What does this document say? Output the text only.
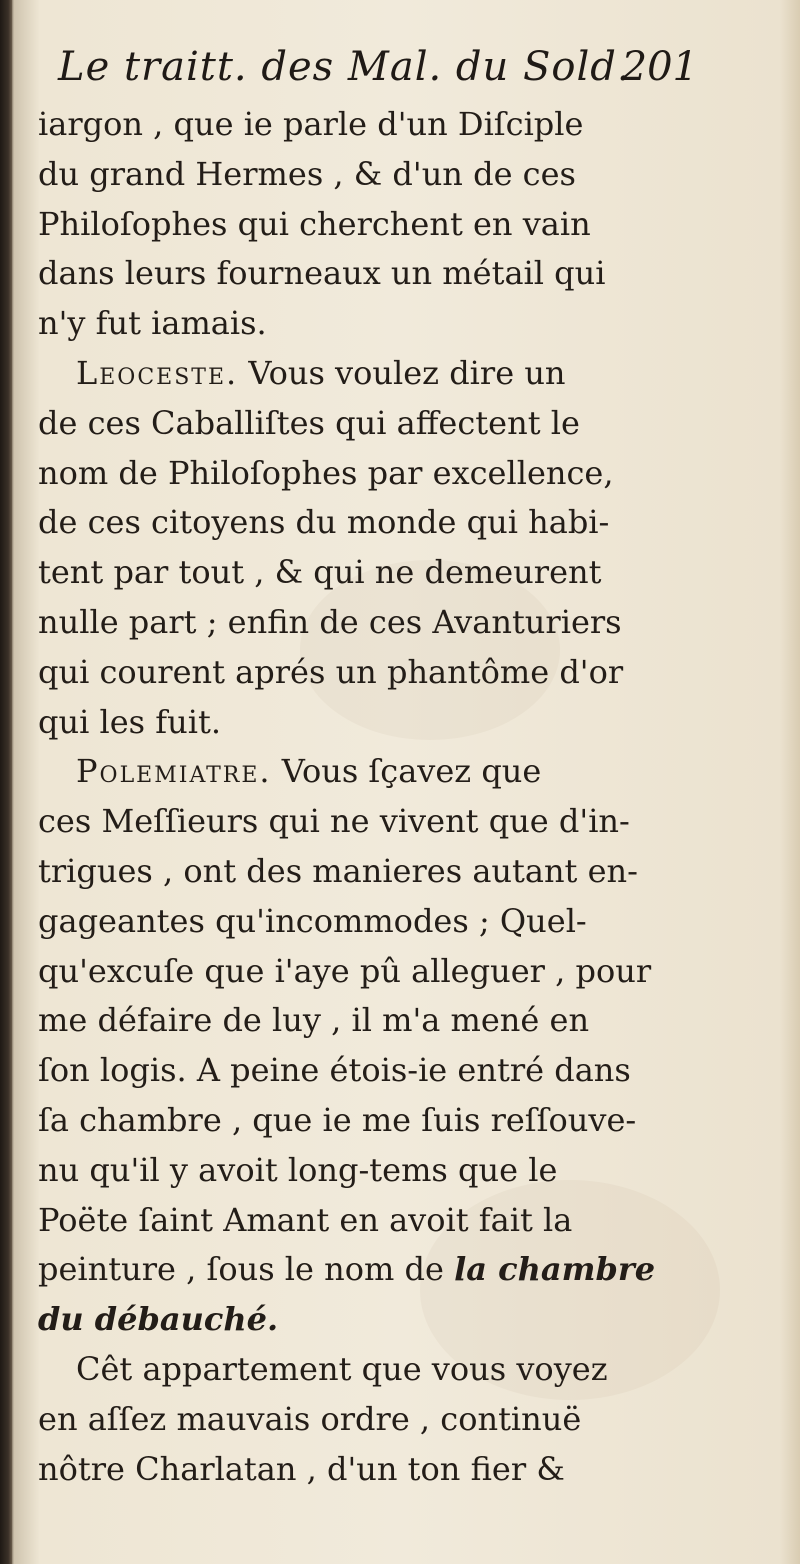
Le traitt. des Mal. du Sold.
201
iargon , que ie parle d'un Diſciple
du grand Hermes , & d'un de ces
Philoſophes qui cherchent en vain
dans leurs fourneaux un métail qui
n'y fut iamais.
Leoceste. Vous voulez dire un
de ces Caballiſtes qui affectent le
nom de Philoſophes par excellence,
de ces citoyens du monde qui habi-
tent par tout , & qui ne demeurent
nulle part ; enfin de ces Avanturiers
qui courent aprés un phantôme d'or
qui les fuit.
Polemiatre. Vous ſçavez que
ces Meſſieurs qui ne vivent que d'in-
trigues , ont des manieres autant en-
gageantes qu'incommodes ; Quel-
qu'excuſe que i'aye pû alleguer , pour
me défaire de luy , il m'a mené en
ſon logis. A peine étois-ie entré dans
ſa chambre , que ie me ſuis reſſouve-
nu qu'il y avoit long-tems que le
Poëte ſaint Amant en avoit fait la
peinture , ſous le nom de la chambre
du débauché.
Cêt appartement que vous voyez
en aſſez mauvais ordre , continuë
nôtre Charlatan , d'un ton fier &
